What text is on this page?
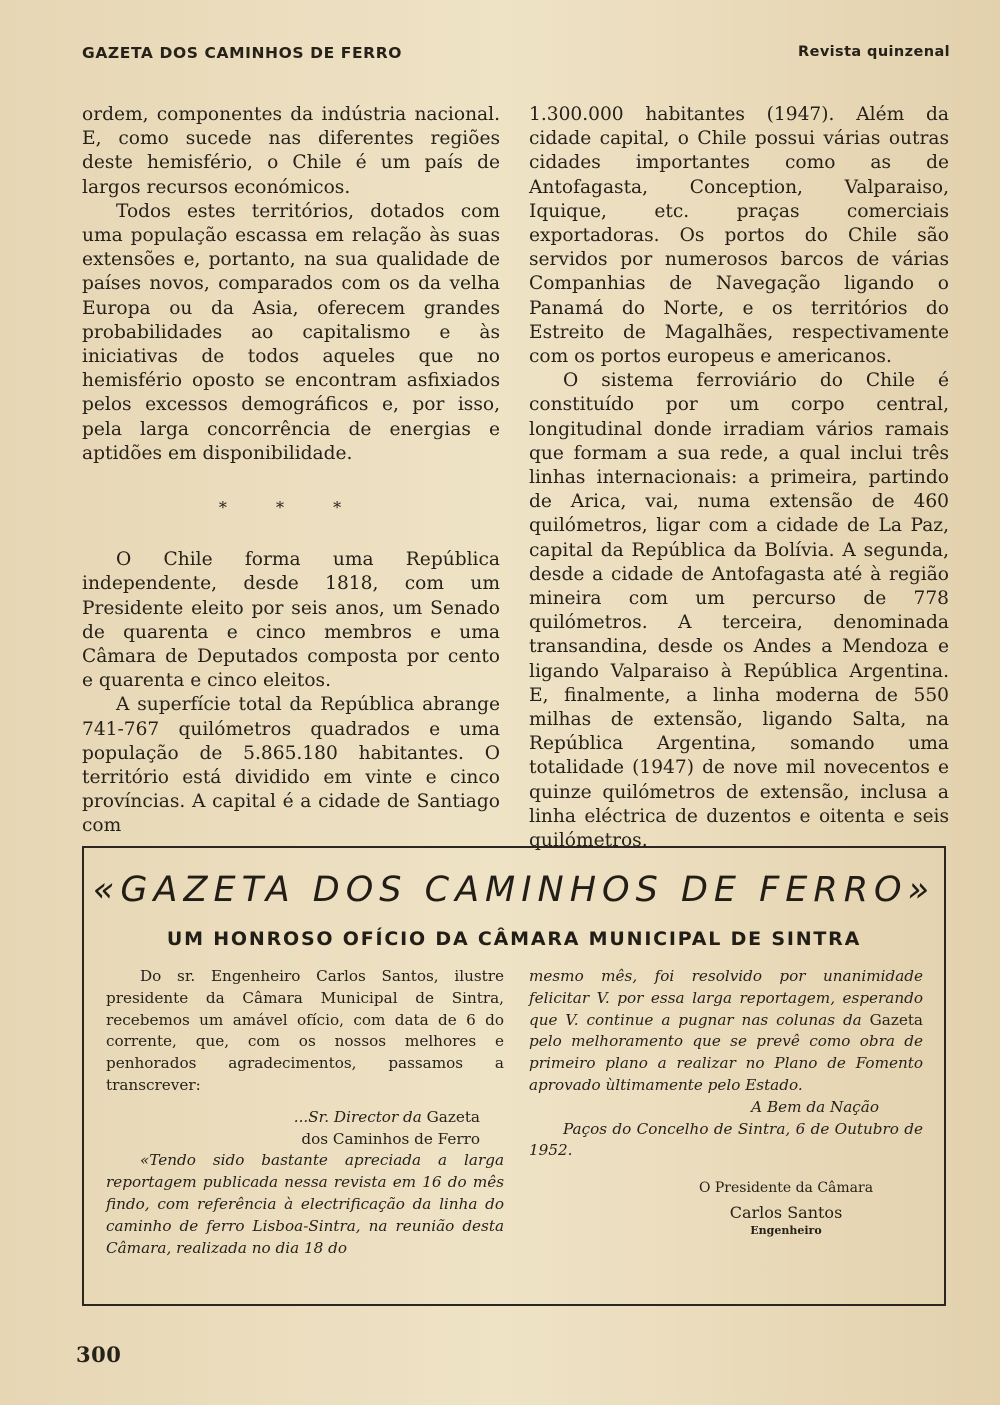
GAZETA DOS CAMINHOS DE FERRO	Revista quinzenal

ordem, componentes da indústria nacional. E, como sucede nas diferentes regiões deste hemisfério, o Chile é um país de largos recursos económicos.

Todos estes territórios, dotados com uma população escassa em relação às suas extensões e, portanto, na sua qualidade de países novos, comparados com os da velha Europa ou da Asia, oferecem grandes probabilidades ao capitalismo e às iniciativas de todos aqueles que no hemisfério oposto se encontram asfixiados pelos excessos demográficos e, por isso, pela larga concorrência de energias e aptidões em disponibilidade.

* * *

O Chile forma uma República independente, desde 1818, com um Presidente eleito por seis anos, um Senado de quarenta e cinco membros e uma Câmara de Deputados composta por cento e quarenta e cinco eleitos.

A superfície total da República abrange 741-767 quilómetros quadrados e uma população de 5.865.180 habitantes. O território está dividido em vinte e cinco províncias. A capital é a cidade de Santiago com

1.300.000 habitantes (1947). Além da cidade capital, o Chile possui várias outras cidades importantes como as de Antofagasta, Conception, Valparaiso, Iquique, etc. praças comerciais exportadoras. Os portos do Chile são servidos por numerosos barcos de várias Companhias de Navegação ligando o Panamá do Norte, e os territórios do Estreito de Magalhães, respectivamente com os portos europeus e americanos.

O sistema ferroviário do Chile é constituído por um corpo central, longitudinal donde irradiam vários ramais que formam a sua rede, a qual inclui três linhas internacionais: a primeira, partindo de Arica, vai, numa extensão de 460 quilómetros, ligar com a cidade de La Paz, capital da República da Bolívia. A segunda, desde a cidade de Antofagasta até à região mineira com um percurso de 778 quilómetros. A terceira, denominada transandina, desde os Andes a Mendoza e ligando Valparaiso à República Argentina. E, finalmente, a linha moderna de 550 milhas de extensão, ligando Salta, na República Argentina, somando uma totalidade (1947) de nove mil novecentos e quinze quilómetros de extensão, inclusa a linha eléctrica de duzentos e oitenta e seis quilómetros.

«GAZETA DOS CAMINHOS DE FERRO»
UM HONROSO OFÍCIO DA CÂMARA MUNICIPAL DE SINTRA

Do sr. Engenheiro Carlos Santos, ilustre presidente da Câmara Municipal de Sintra, recebemos um amável ofício, com data de 6 do corrente, que, com os nossos melhores e penhorados agradecimentos, passamos a transcrever:

...Sr. Director da Gazeta
dos Caminhos de Ferro

«Tendo sido bastante apreciada a larga reportagem publicada nessa revista em 16 do mês findo, com referência à electrificação da linha do caminho de ferro Lisboa-Sintra, na reunião desta Câmara, realizada no dia 18 do

mesmo mês, foi resolvido por unanimidade felicitar V. por essa larga reportagem, esperando que V. continue a pugnar nas colunas da Gazeta pelo melhoramento que se prevê como obra de primeiro plano a realizar no Plano de Fomento aprovado ùltimamente pelo Estado.

A Bem da Nação

Paços do Concelho de Sintra, 6 de Outubro de 1952.

O Presidente da Câmara
Carlos Santos
Engenheiro
300
